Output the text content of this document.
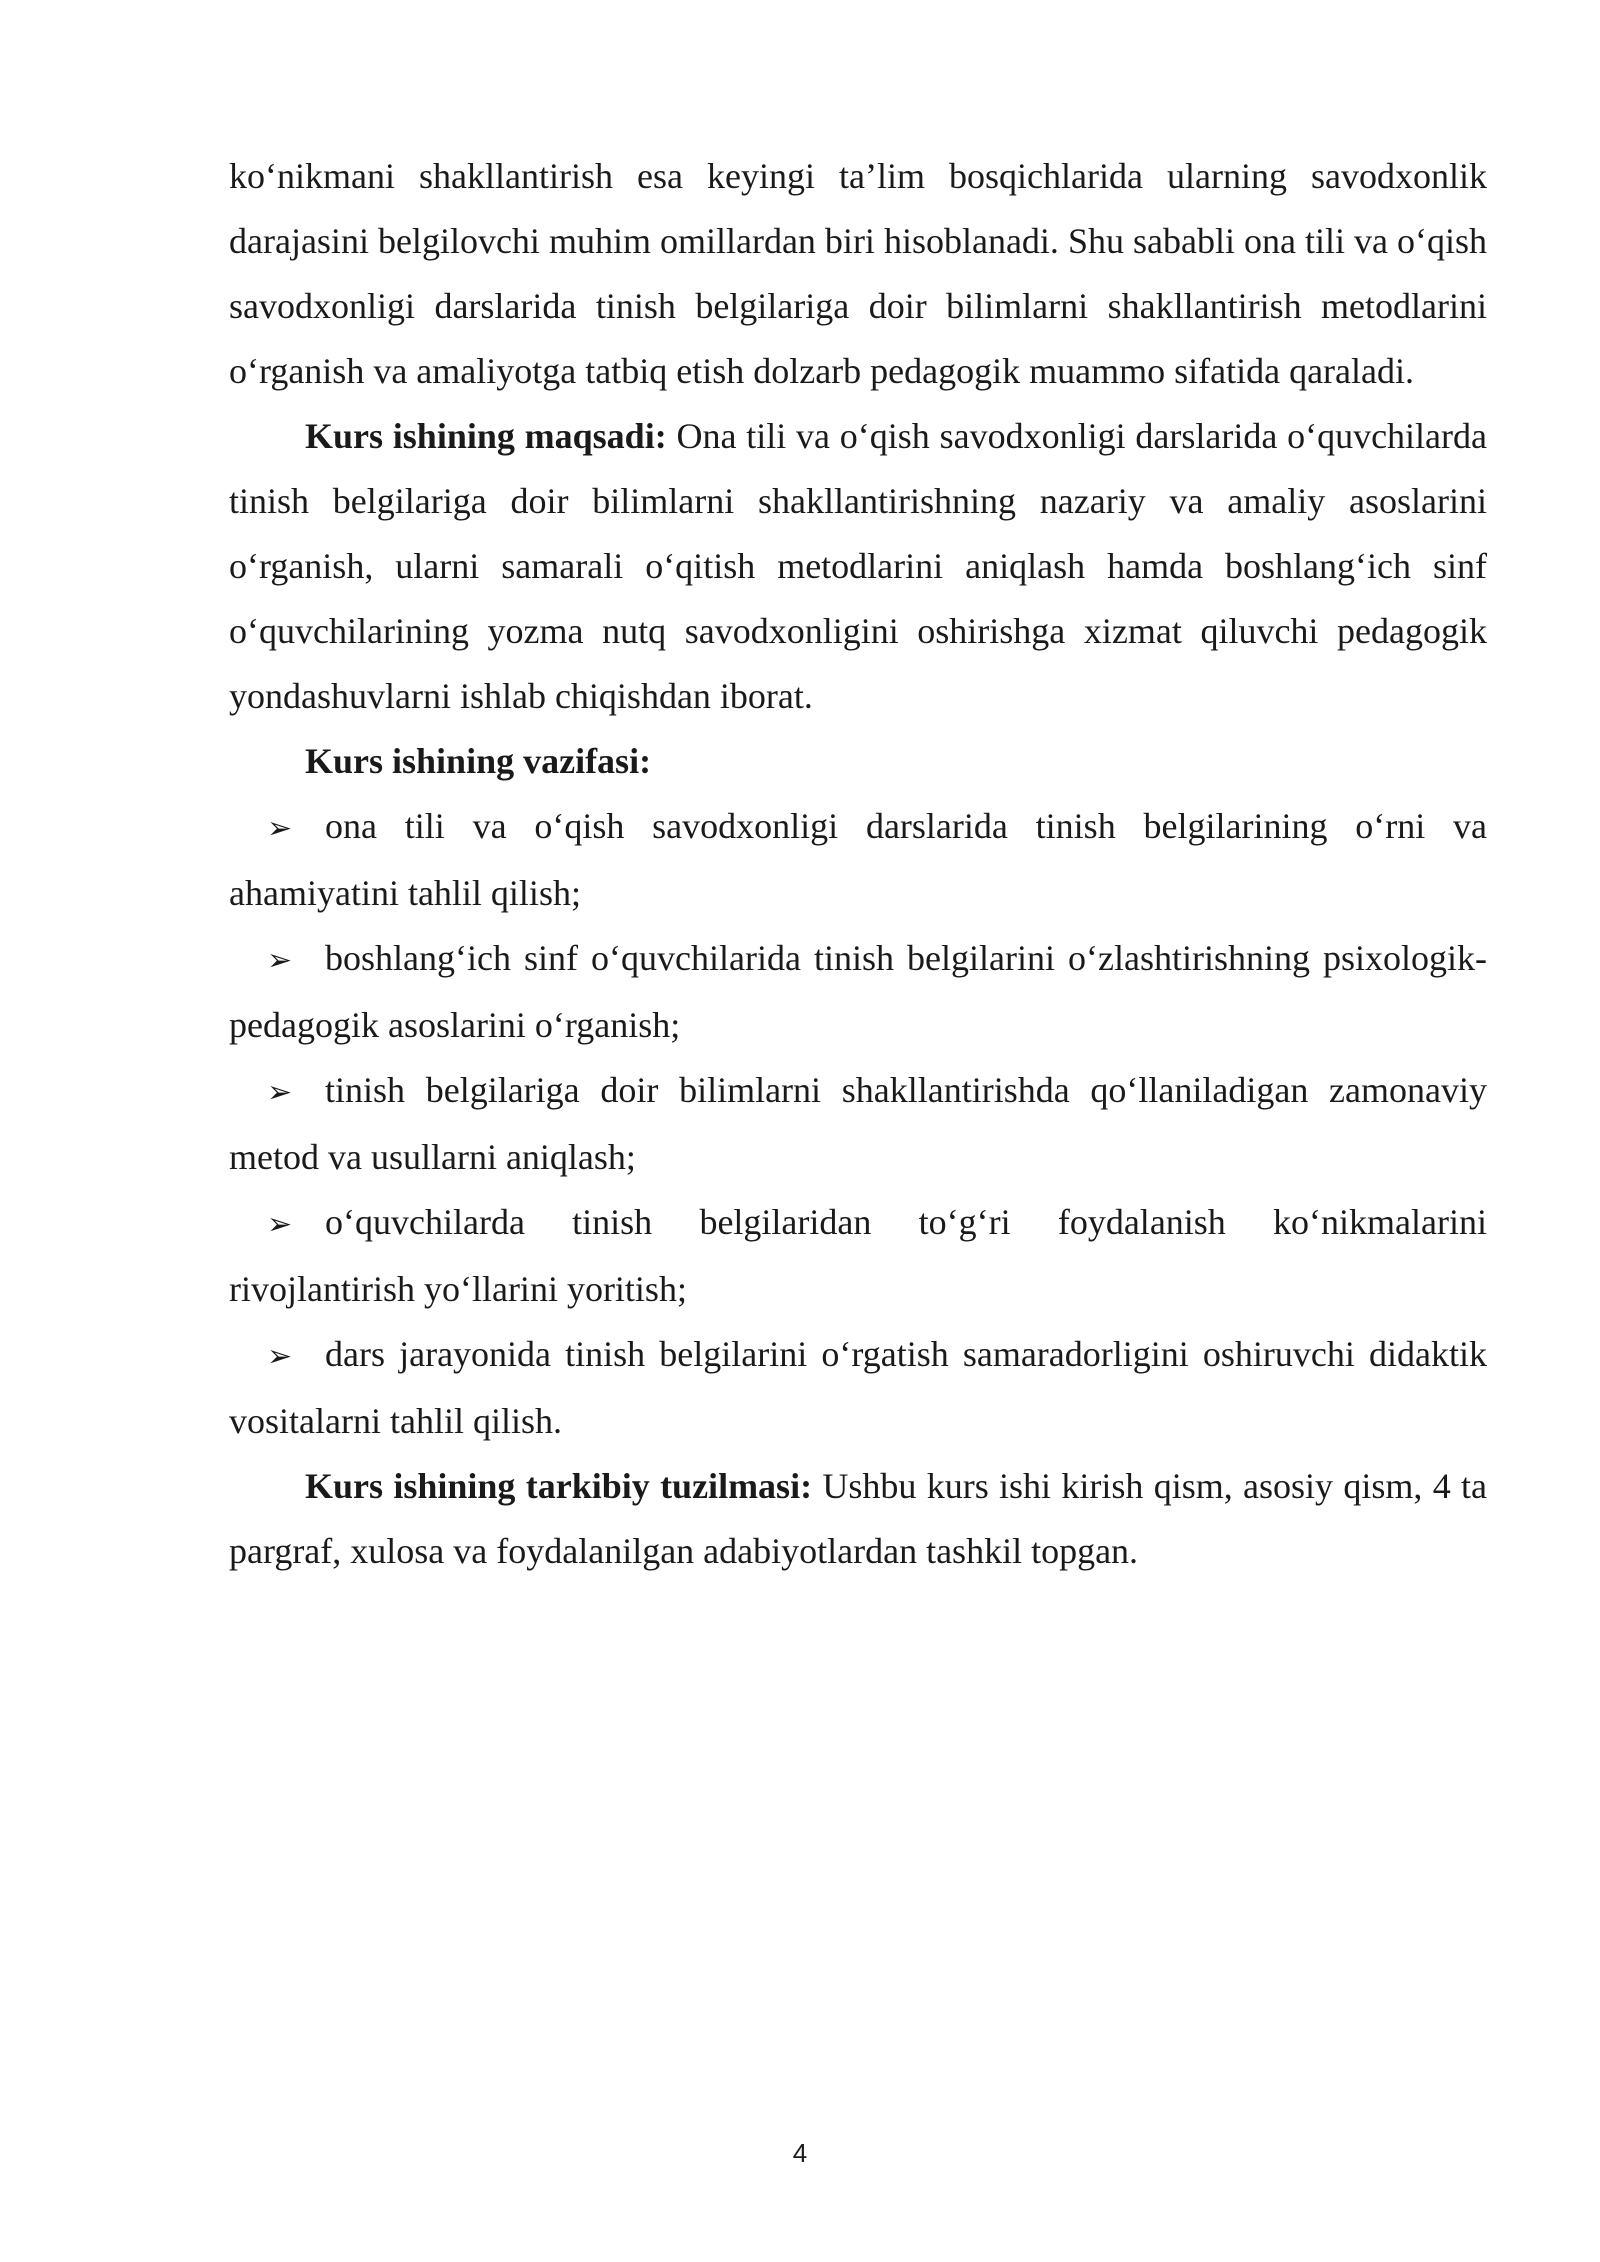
ko‘nikmani shakllantirish esa keyingi ta’lim bosqichlarida ularning savodxonlik darajasini belgilovchi muhim omillardan biri hisoblanadi. Shu sababli ona tili va o‘qish savodxonligi darslarida tinish belgilariga doir bilimlarni shakllantirish metodlarini o‘rganish va amaliyotga tatbiq etish dolzarb pedagogik muammo sifatida qaraladi.

Kurs ishining maqsadi: Ona tili va o‘qish savodxonligi darslarida o‘quvchilarda tinish belgilariga doir bilimlarni shakllantirishning nazariy va amaliy asoslarini o‘rganish, ularni samarali o‘qitish metodlarini aniqlash hamda boshlang‘ich sinf o‘quvchilarining yozma nutq savodxonligini oshirishga xizmat qiluvchi pedagogik yondashuvlarni ishlab chiqishdan iborat.

Kurs ishining vazifasi:

➢ ona tili va o‘qish savodxonligi darslarida tinish belgilarining o‘rni va ahamiyatini tahlil qilish;

➢ boshlang‘ich sinf o‘quvchilarida tinish belgilarini o‘zlashtirishning psixologik-pedagogik asoslarini o‘rganish;

➢ tinish belgilariga doir bilimlarni shakllantirishda qo‘llaniladigan zamonaviy metod va usullarni aniqlash;

➢ o‘quvchilarda tinish belgilaridan to‘g‘ri foydalanish ko‘nikmalarini rivojlantirish yo‘llarini yoritish;

➢ dars jarayonida tinish belgilarini o‘rgatish samaradorligini oshiruvchi didaktik vositalarni tahlil qilish.

Kurs ishining tarkibiy tuzilmasi: Ushbu kurs ishi kirish qism, asosiy qism, 4 ta pargraf, xulosa va foydalanilgan adabiyotlardan tashkil topgan.

4
